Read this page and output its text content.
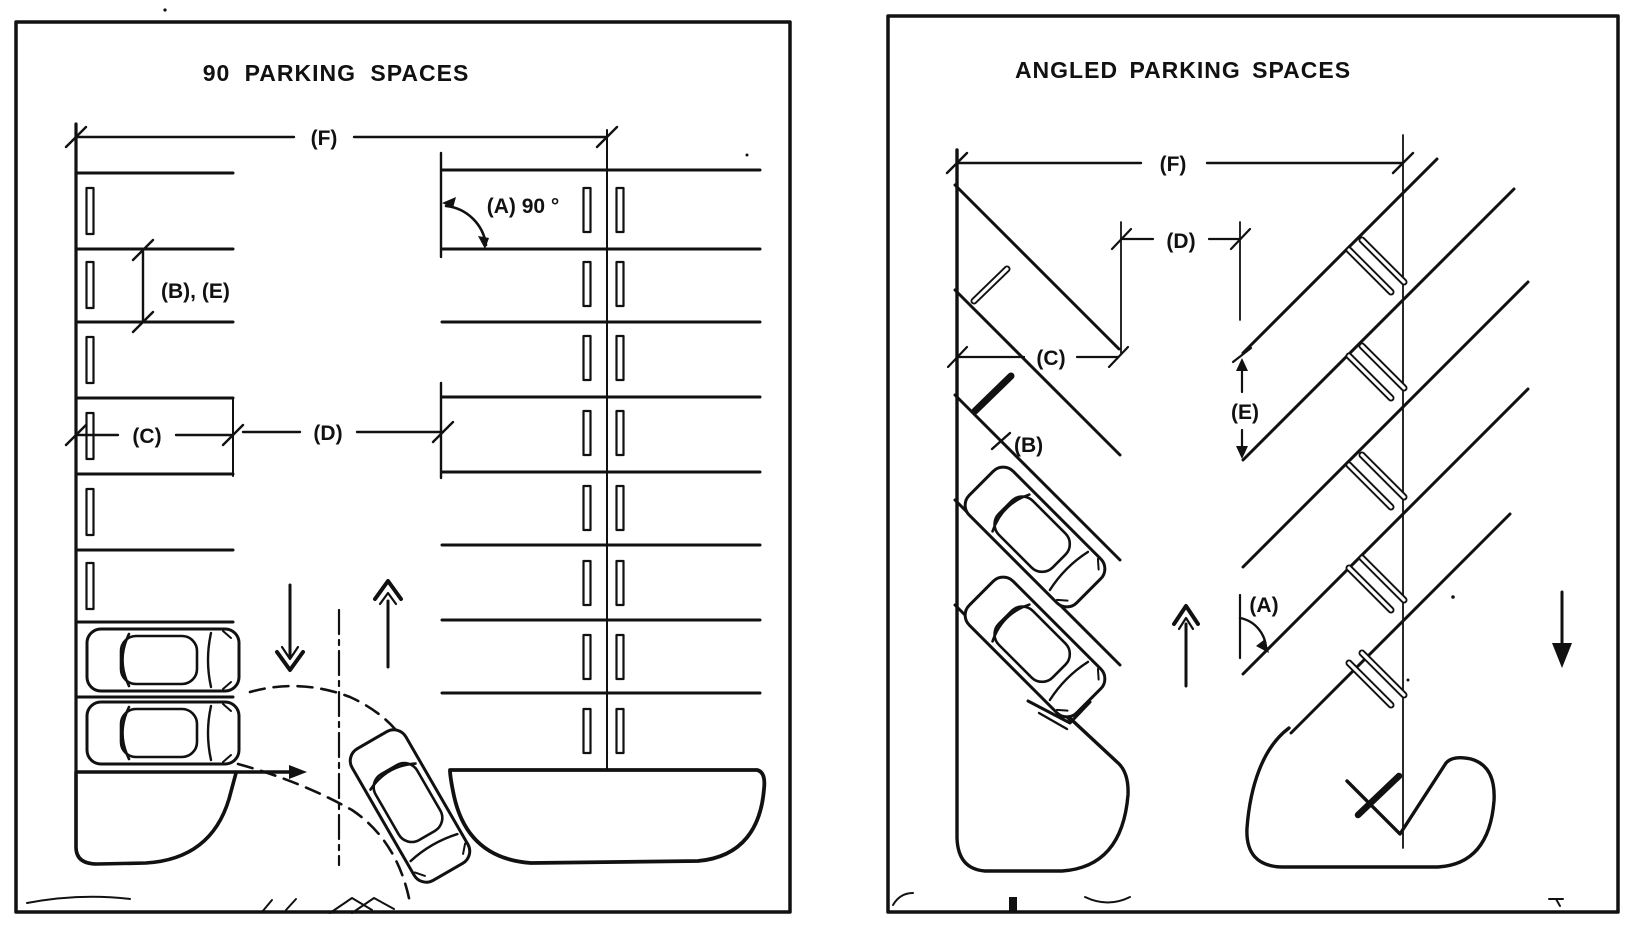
90 PARKING SPACES
(F)
(B), (E)
(C)	(D)
(A) 90 °
ANGLED PARKING SPACES
(F)
(D)
(C)
(B)
(E)
(A)
